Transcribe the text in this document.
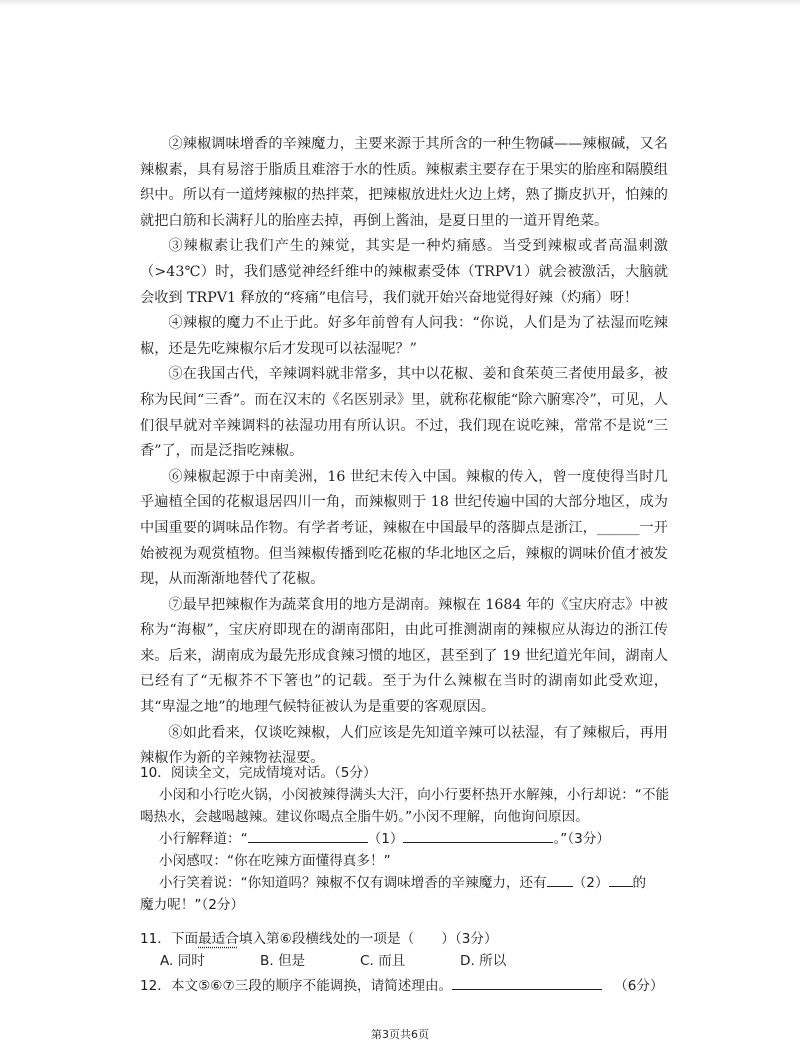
②辣椒调味增香的辛辣魔力，主要来源于其所含的一种生物碱——辣椒碱，又名辣椒素，具有易溶于脂质且难溶于水的性质。辣椒素主要存在于果实的胎座和隔膜组织中。所以有一道烤辣椒的热拌菜，把辣椒放进灶火边上烤，熟了撕皮扒开，怕辣的就把白筋和长满籽儿的胎座去掉，再倒上酱油，是夏日里的一道开胃绝菜。

③辣椒素让我们产生的辣觉，其实是一种灼痛感。当受到辣椒或者高温刺激（>43℃）时，我们感觉神经纤维中的辣椒素受体（TRPV1）就会被激活，大脑就会收到 TRPV1 释放的“疼痛”电信号，我们就开始兴奋地觉得好辣（灼痛）呀！

④辣椒的魔力不止于此。好多年前曾有人问我：“你说，人们是为了祛湿而吃辣椒，还是先吃辣椒尔后才发现可以祛湿呢？”

⑤在我国古代，辛辣调料就非常多，其中以花椒、姜和食茱萸三者使用最多，被称为民间“三香”。而在汉末的《名医别录》里，就称花椒能“除六腑寒冷”，可见，人们很早就对辛辣调料的祛湿功用有所认识。不过，我们现在说吃辣，常常不是说“三香”了，而是泛指吃辣椒。

⑥辣椒起源于中南美洲，16 世纪末传入中国。辣椒的传入，曾一度使得当时几乎遍植全国的花椒退居四川一角，而辣椒则于 18 世纪传遍中国的大部分地区，成为中国重要的调味品作物。有学者考证，辣椒在中国最早的落脚点是浙江，______一开始被视为观赏植物。但当辣椒传播到吃花椒的华北地区之后，辣椒的调味价值才被发现，从而渐渐地替代了花椒。

⑦最早把辣椒作为蔬菜食用的地方是湖南。辣椒在 1684 年的《宝庆府志》中被称为“海椒”，宝庆府即现在的湖南邵阳，由此可推测湖南的辣椒应从海边的浙江传来。后来，湖南成为最先形成食辣习惯的地区，甚至到了 19 世纪道光年间，湖南人已经有了“无椒芥不下箸也”的记载。至于为什么辣椒在当时的湖南如此受欢迎，其“卑湿之地”的地理气候特征被认为是重要的客观原因。

⑧如此看来，仅谈吃辣椒，人们应该是先知道辛辣可以祛湿，有了辣椒后，再用辣椒作为新的辛辣物祛湿要。

10．阅读全文，完成情境对话。（5分）

小闵和小行吃火锅，小闵被辣得满头大汗，向小行要杯热开水解辣，小行却说：“不能喝热水，会越喝越辣。建议你喝点全脂牛奶。”小闵不理解，向他询问原因。

小行解释道：“	（1）	。”（3分）

小闵感叹：“你在吃辣方面懂得真多！”

小行笑着说：“你知道吗？辣椒不仅有调味增香的辛辣魔力，还有 （2） 的

魔力呢！”（2分）

11．下面最适合填入第⑥段横线处的一项是（　　）（3分）

A. 同时	B. 但是	C. 而且	D. 所以

12．本文⑤⑥⑦三段的顺序不能调换，请简述理由。	（6分）

第3页共6页
